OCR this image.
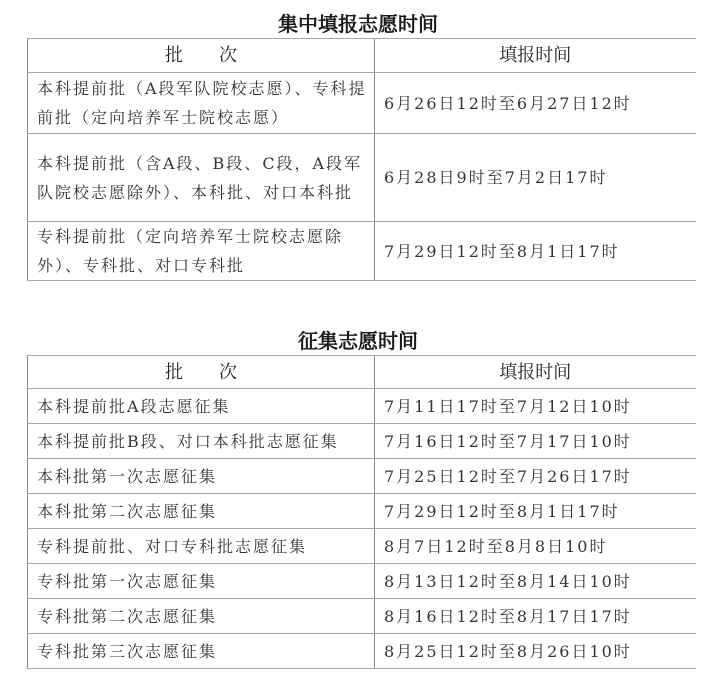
集中填报志愿时间
批　　次	填报时间
本科提前批（A段军队院校志愿）、专科提前批（定向培养军士院校志愿）	6月26日12时至6月27日12时
本科提前批（含A段、B段、C段，A段军队院校志愿除外）、本科批、对口本科批	6月28日9时至7月2日17时
专科提前批（定向培养军士院校志愿除外）、专科批、对口专科批	7月29日12时至8月1日17时
征集志愿时间
批　　次	填报时间
本科提前批A段志愿征集	7月11日17时至7月12日10时
本科提前批B段、对口本科批志愿征集	7月16日12时至7月17日10时
本科批第一次志愿征集	7月25日12时至7月26日17时
本科批第二次志愿征集	7月29日12时至8月1日17时
专科提前批、对口专科批志愿征集	8月7日12时至8月8日10时
专科批第一次志愿征集	8月13日12时至8月14日10时
专科批第二次志愿征集	8月16日12时至8月17日17时
专科批第三次志愿征集	8月25日12时至8月26日10时
